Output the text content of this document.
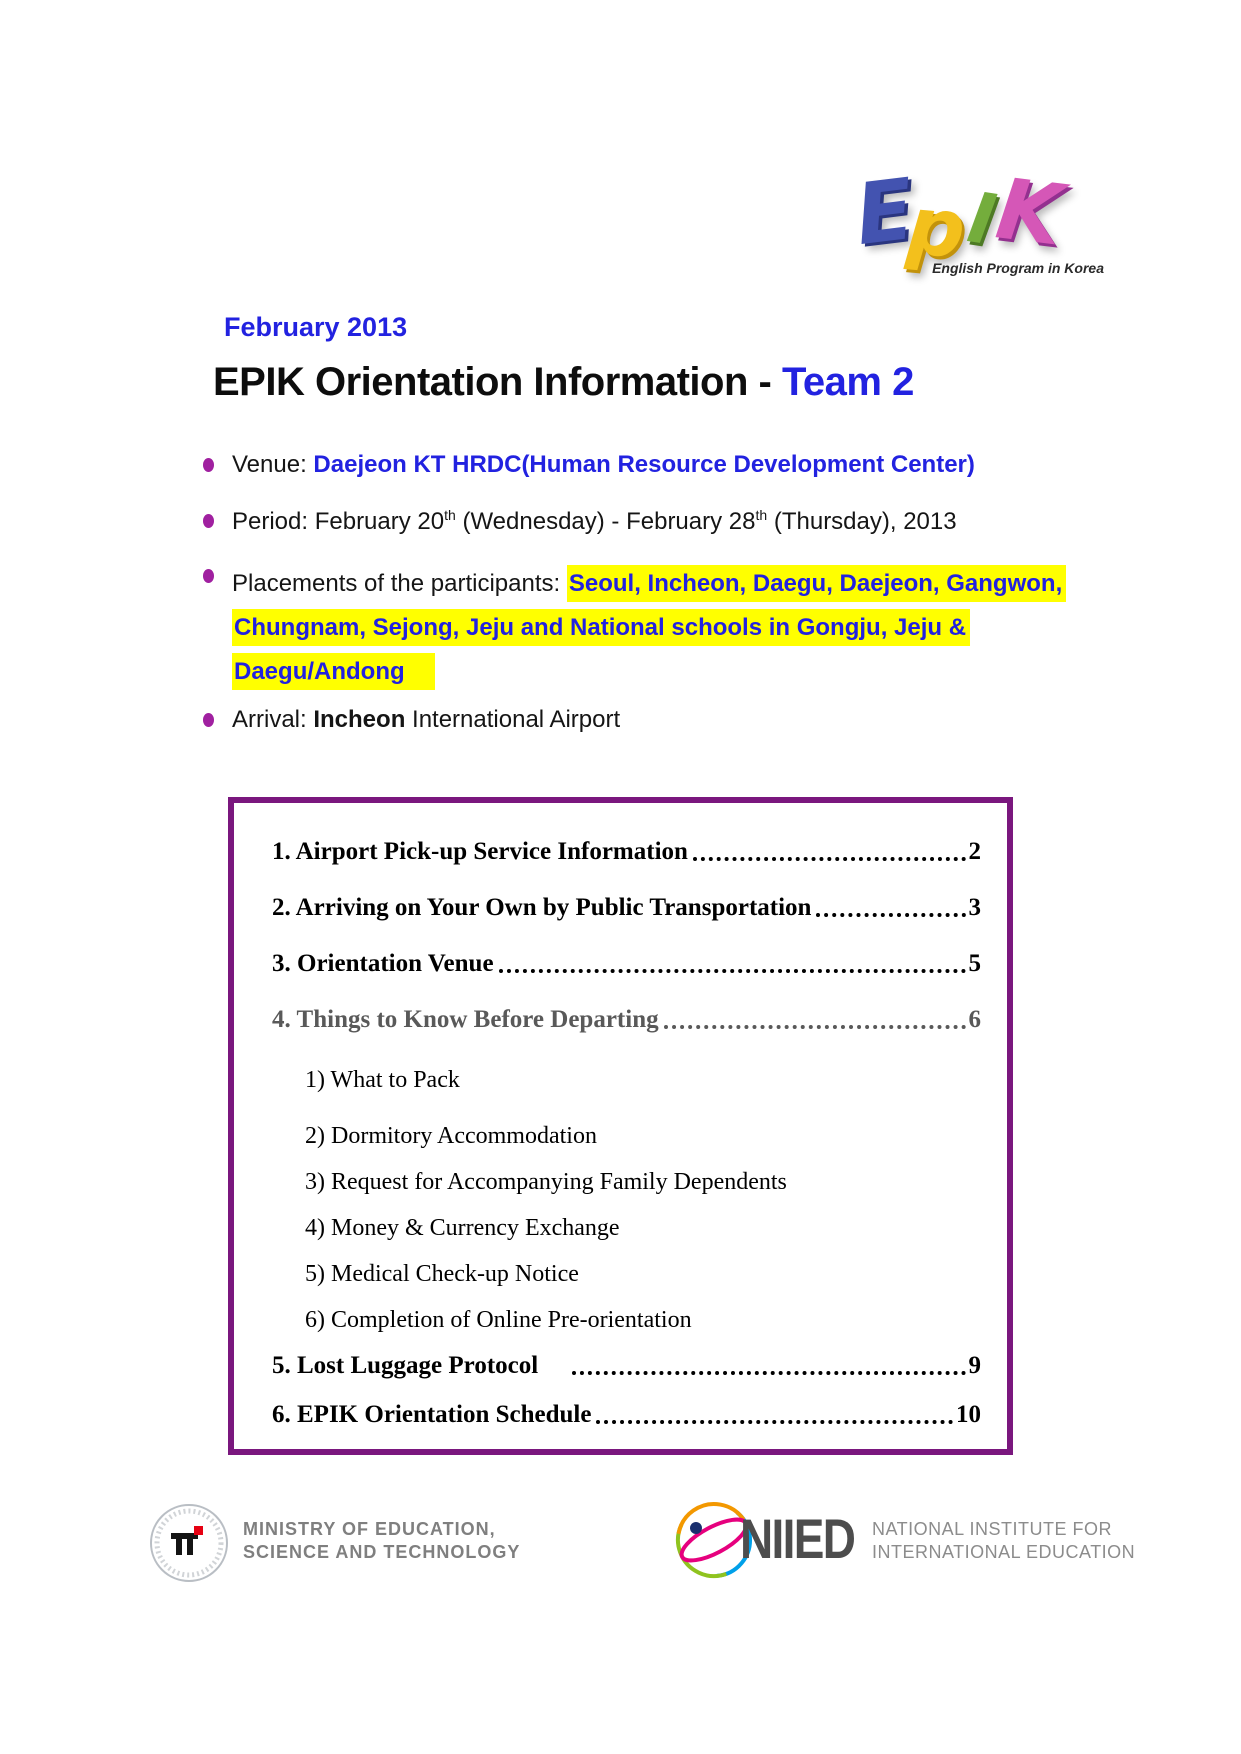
E
p
I
K
English Program in Korea
February 2013
EPIK Orientation Information - Team 2
Venue: Daejeon KT HRDC(Human Resource Development Center)
Period: February 20th (Wednesday) - February 28th (Thursday), 2013
Placements of the participants: Seoul, Incheon, Daegu, Daejeon, Gangwon,
Chungnam, Sejong, Jeju and National schools in Gongju, Jeju &
Daegu/Andong
Arrival: Incheon International Airport
1. Airport Pick-up Service Information	2
2. Arriving on Your Own by Public Transportation	3
3. Orientation Venue	5
4. Things to Know Before Departing	6
1) What to Pack
2) Dormitory Accommodation
3) Request for Accompanying Family Dependents
4) Money & Currency Exchange
5) Medical Check-up Notice
6) Completion of Online Pre-orientation
5. Lost Luggage Protocol	9
6. EPIK Orientation Schedule	10
MINISTRY OF EDUCATION,
SCIENCE AND TECHNOLOGY	NIIED NATIONAL INSTITUTE FOR
INTERNATIONAL EDUCATION
